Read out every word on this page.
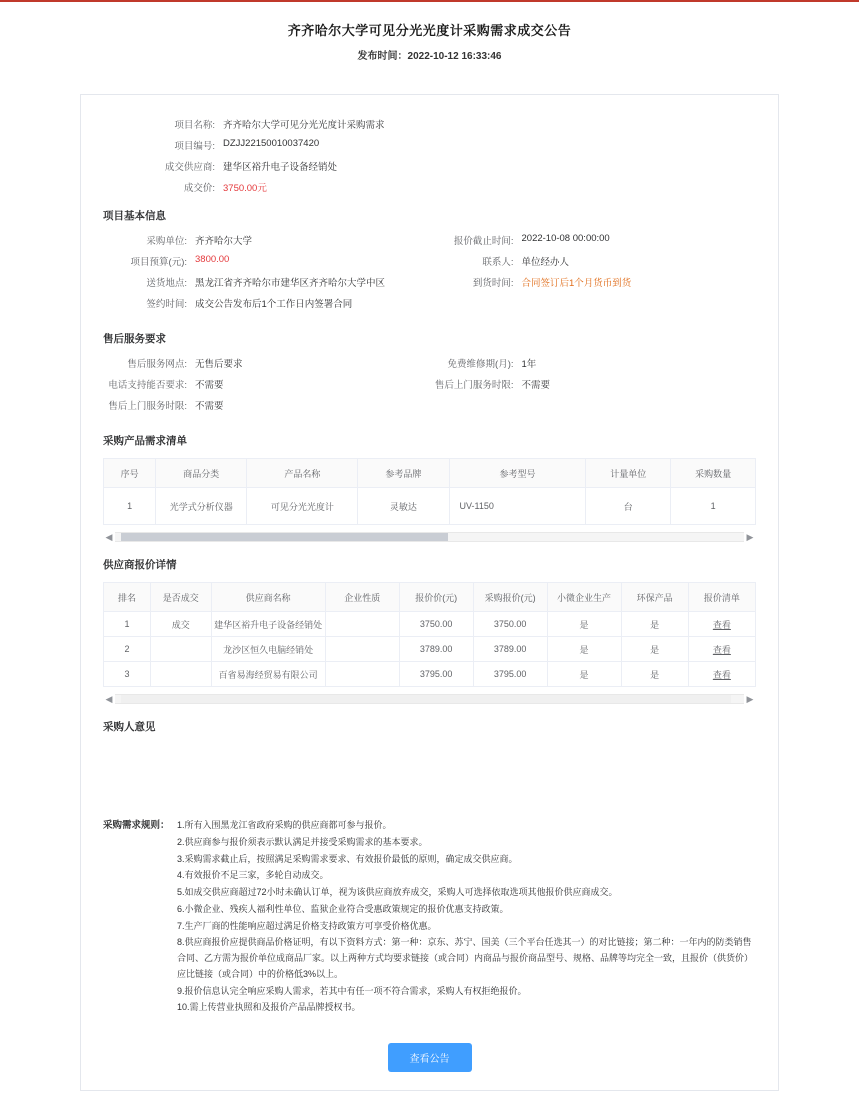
齐齐哈尔大学可见分光光度计采购需求成交公告
发布时间：2022-10-12 16:33:46
项目名称: 齐齐哈尔大学可见分光光度计采购需求
项目编号: DZJJ22150010037420
成交供应商: 建华区裕升电子设备经销处
成交价: 3750.00元
项目基本信息
采购单位: 齐齐哈尔大学	报价截止时间: 2022-10-08 00:00:00
项目预算(元): 3800.00	联系人: 单位经办人
送货地点: 黑龙江省齐齐哈尔市建华区齐齐哈尔大学中区	到货时间: 合同签订后1个月货币到货
签约时间: 成交公告发布后1个工作日内签署合同
售后服务要求
售后服务网点: 无售后要求	免费维修期(月): 1年
电话支持能否要求: 不需要	售后上门服务时限: 不需要
售后上门服务时限: 不需要
采购产品需求清单
序号	商品分类	产品名称	参考品牌	参考型号	计量单位	采购数量
1	光学式分析仪器	可见分光光度计	灵敏达	UV-1150	台	1
◀	▶
供应商报价详情
排名	是否成交	供应商名称	企业性质	报价价(元)	采购报价(元)	小微企业生产	环保产品	报价清单
1	成交	建华区裕升电子设备经销处		3750.00	3750.00	是	是	查看
2		龙沙区恒久电脑经销处		3789.00	3789.00	是	是	查看
3		百省易海经贸易有限公司		3795.00	3795.00	是	是	查看
◀	▶
采购人意见
采购需求规则： 1.所有入围黑龙江省政府采购的供应商都可参与报价。
2.供应商参与报价须表示默认满足并接受采购需求的基本要求。
3.采购需求截止后，按照满足采购需求要求、有效报价最低的原则，确定成交供应商。
4.有效报价不足三家，多轮自动成交。
5.如成交供应商超过72小时未确认订单，视为该供应商放弃成交，采购人可选择依取选项其他报价供应商成交。
6.小微企业、残疾人福利性单位、监狱企业符合受惠政策规定的报价优惠支持政策。
7.生产厂商的性能响应超过满足价格支持政策方可享受价格优惠。
8.供应商报价应提供商品价格证明，有以下资料方式：第一种：京东、苏宁、国美（三个平台任选其一）的对比链接；第二种：一年内的防类销售合同、乙方需为报价单位成商品厂家。以上两种方式均要求链接（或合同）内商品与报价商品型号、规格、品牌等均完全一致，且报价（供货价）应比链接（或合同）中的价格低3%以上。
9.报价信息认完全响应采购人需求，若其中有任一项不符合需求，采购人有权拒绝报价。
10.需上传营业执照和及报价产品品牌授权书。
查看公告
